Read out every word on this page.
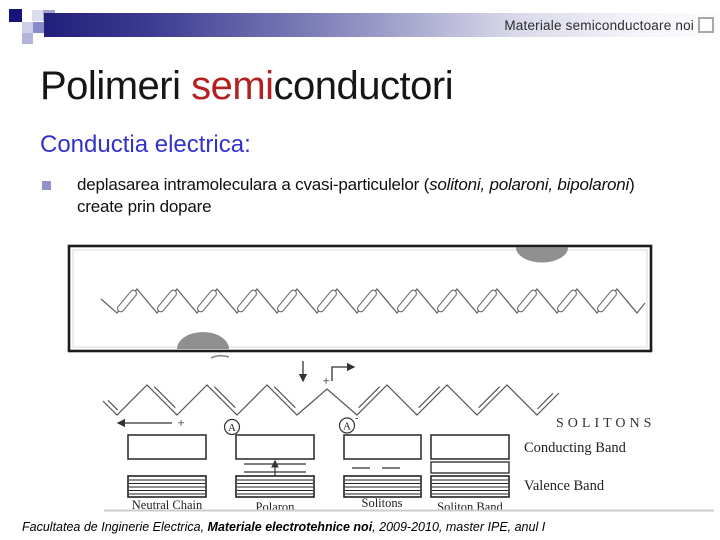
Materiale semiconductoare noi
Polimeri semiconductori
Conductia electrica:

deplasarea intramoleculara a cvasi-particulelor (solitoni, polaroni, bipolaroni) create prin dopare

+
+	A	A
-	SOLITONS
Neutral Chain	Polaron	Solitons	Soliton Band
Conducting Band
Valence Band
Facultatea de Inginerie Electrica, Materiale electrotehnice noi, 2009-2010, master IPE, anul I
